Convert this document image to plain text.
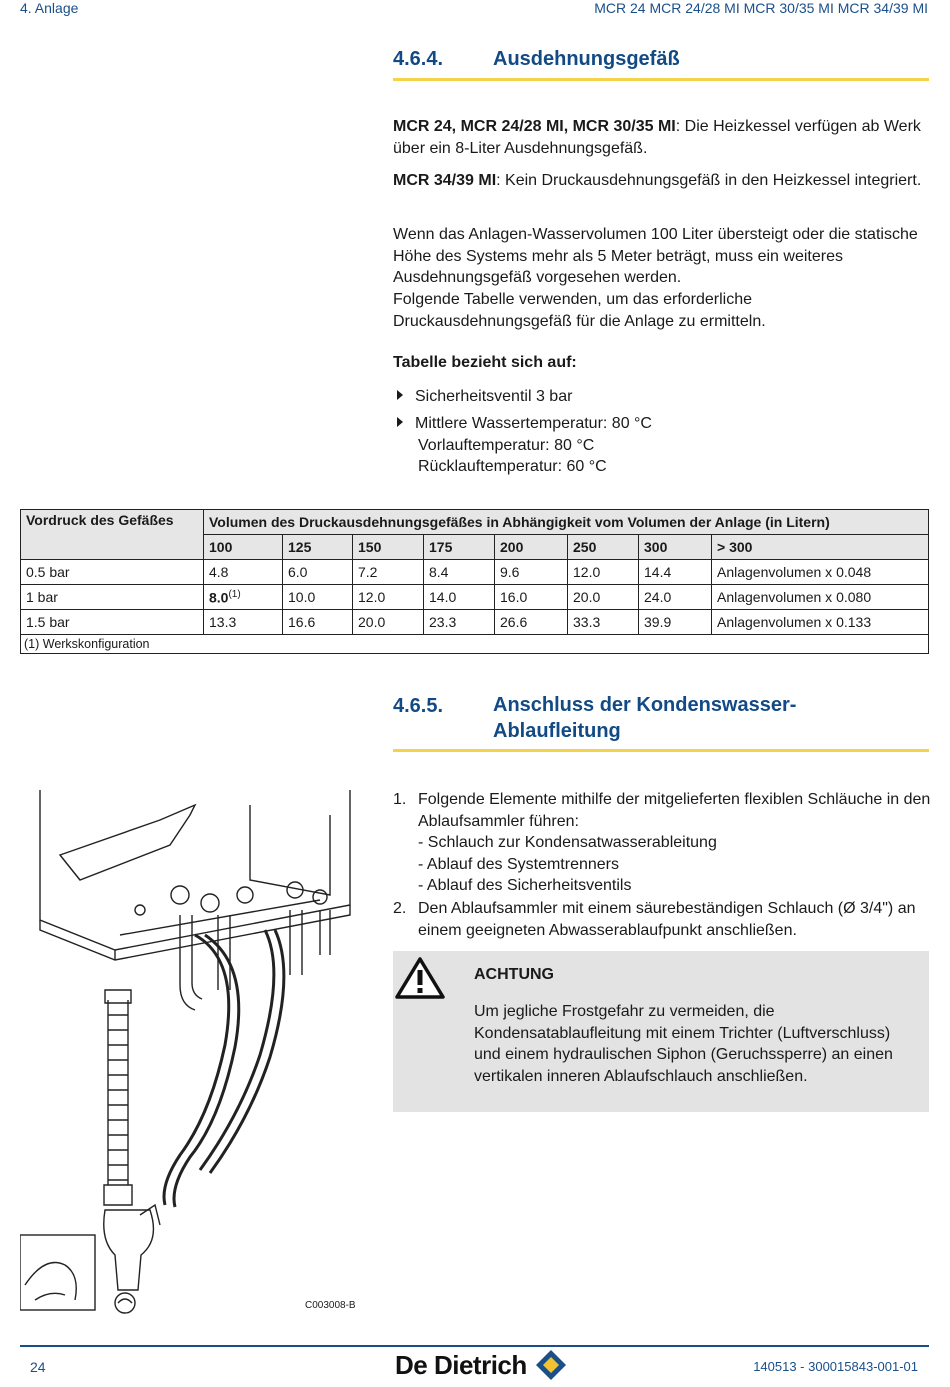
4. Anlage	MCR 24 MCR 24/28 MI MCR 30/35 MI MCR 34/39 MI
4.6.4. Ausdehnungsgefäß
MCR 24, MCR 24/28 MI, MCR 30/35 MI: Die Heizkessel verfügen ab Werk über ein 8-Liter Ausdehnungsgefäß.
MCR 34/39 MI: Kein Druckausdehnungsgefäß in den Heizkessel integriert.
Wenn das Anlagen-Wasservolumen 100 Liter übersteigt oder die statische Höhe des Systems mehr als 5 Meter beträgt, muss ein weiteres Ausdehnungsgefäß vorgesehen werden.
Folgende Tabelle verwenden, um das erforderliche Druckausdehnungsgefäß für die Anlage zu ermitteln.
Tabelle bezieht sich auf:
Sicherheitsventil 3 bar
Mittlere Wassertemperatur: 80 °C
Vorlauftemperatur: 80 °C
Rücklauftemperatur: 60 °C
Vordruck des Gefäßes	Volumen des Druckausdehnungsgefäßes in Abhängigkeit vom Volumen der Anlage (in Litern)							
	100	125	150	175	200	250	300	> 300
0.5 bar	4.8	6.0	7.2	8.4	9.6	12.0	14.4	Anlagenvolumen x 0.048
1 bar	8.0$^{(1)}$	10.0	12.0	14.0	16.0	20.0	24.0	Anlagenvolumen x 0.080
1.5 bar	13.3	16.6	20.0	23.3	26.6	33.3	39.9	Anlagenvolumen x 0.133
(1) Werkskonfiguration								
4.6.5. Anschluss der Kondenswasser-
Ablaufleitung
C003008-B
1. Folgende Elemente mithilfe der mitgelieferten flexiblen Schläuche in den Ablaufsammler führen:
- Schlauch zur Kondensatwasserableitung
- Ablauf des Systemtrenners
- Ablauf des Sicherheitsventils
2. Den Ablaufsammler mit einem säurebeständigen Schlauch (Ø 3/4") an einem geeigneten Abwasserablaufpunkt anschließen.
ACHTUNG
Um jegliche Frostgefahr zu vermeiden, die Kondensatablaufleitung mit einem Trichter (Luftverschluss) und einem hydraulischen Siphon (Geruchssperre) an einen vertikalen inneren Ablaufschlauch anschließen.
24	De Dietrich	140513 - 300015843-001-01
